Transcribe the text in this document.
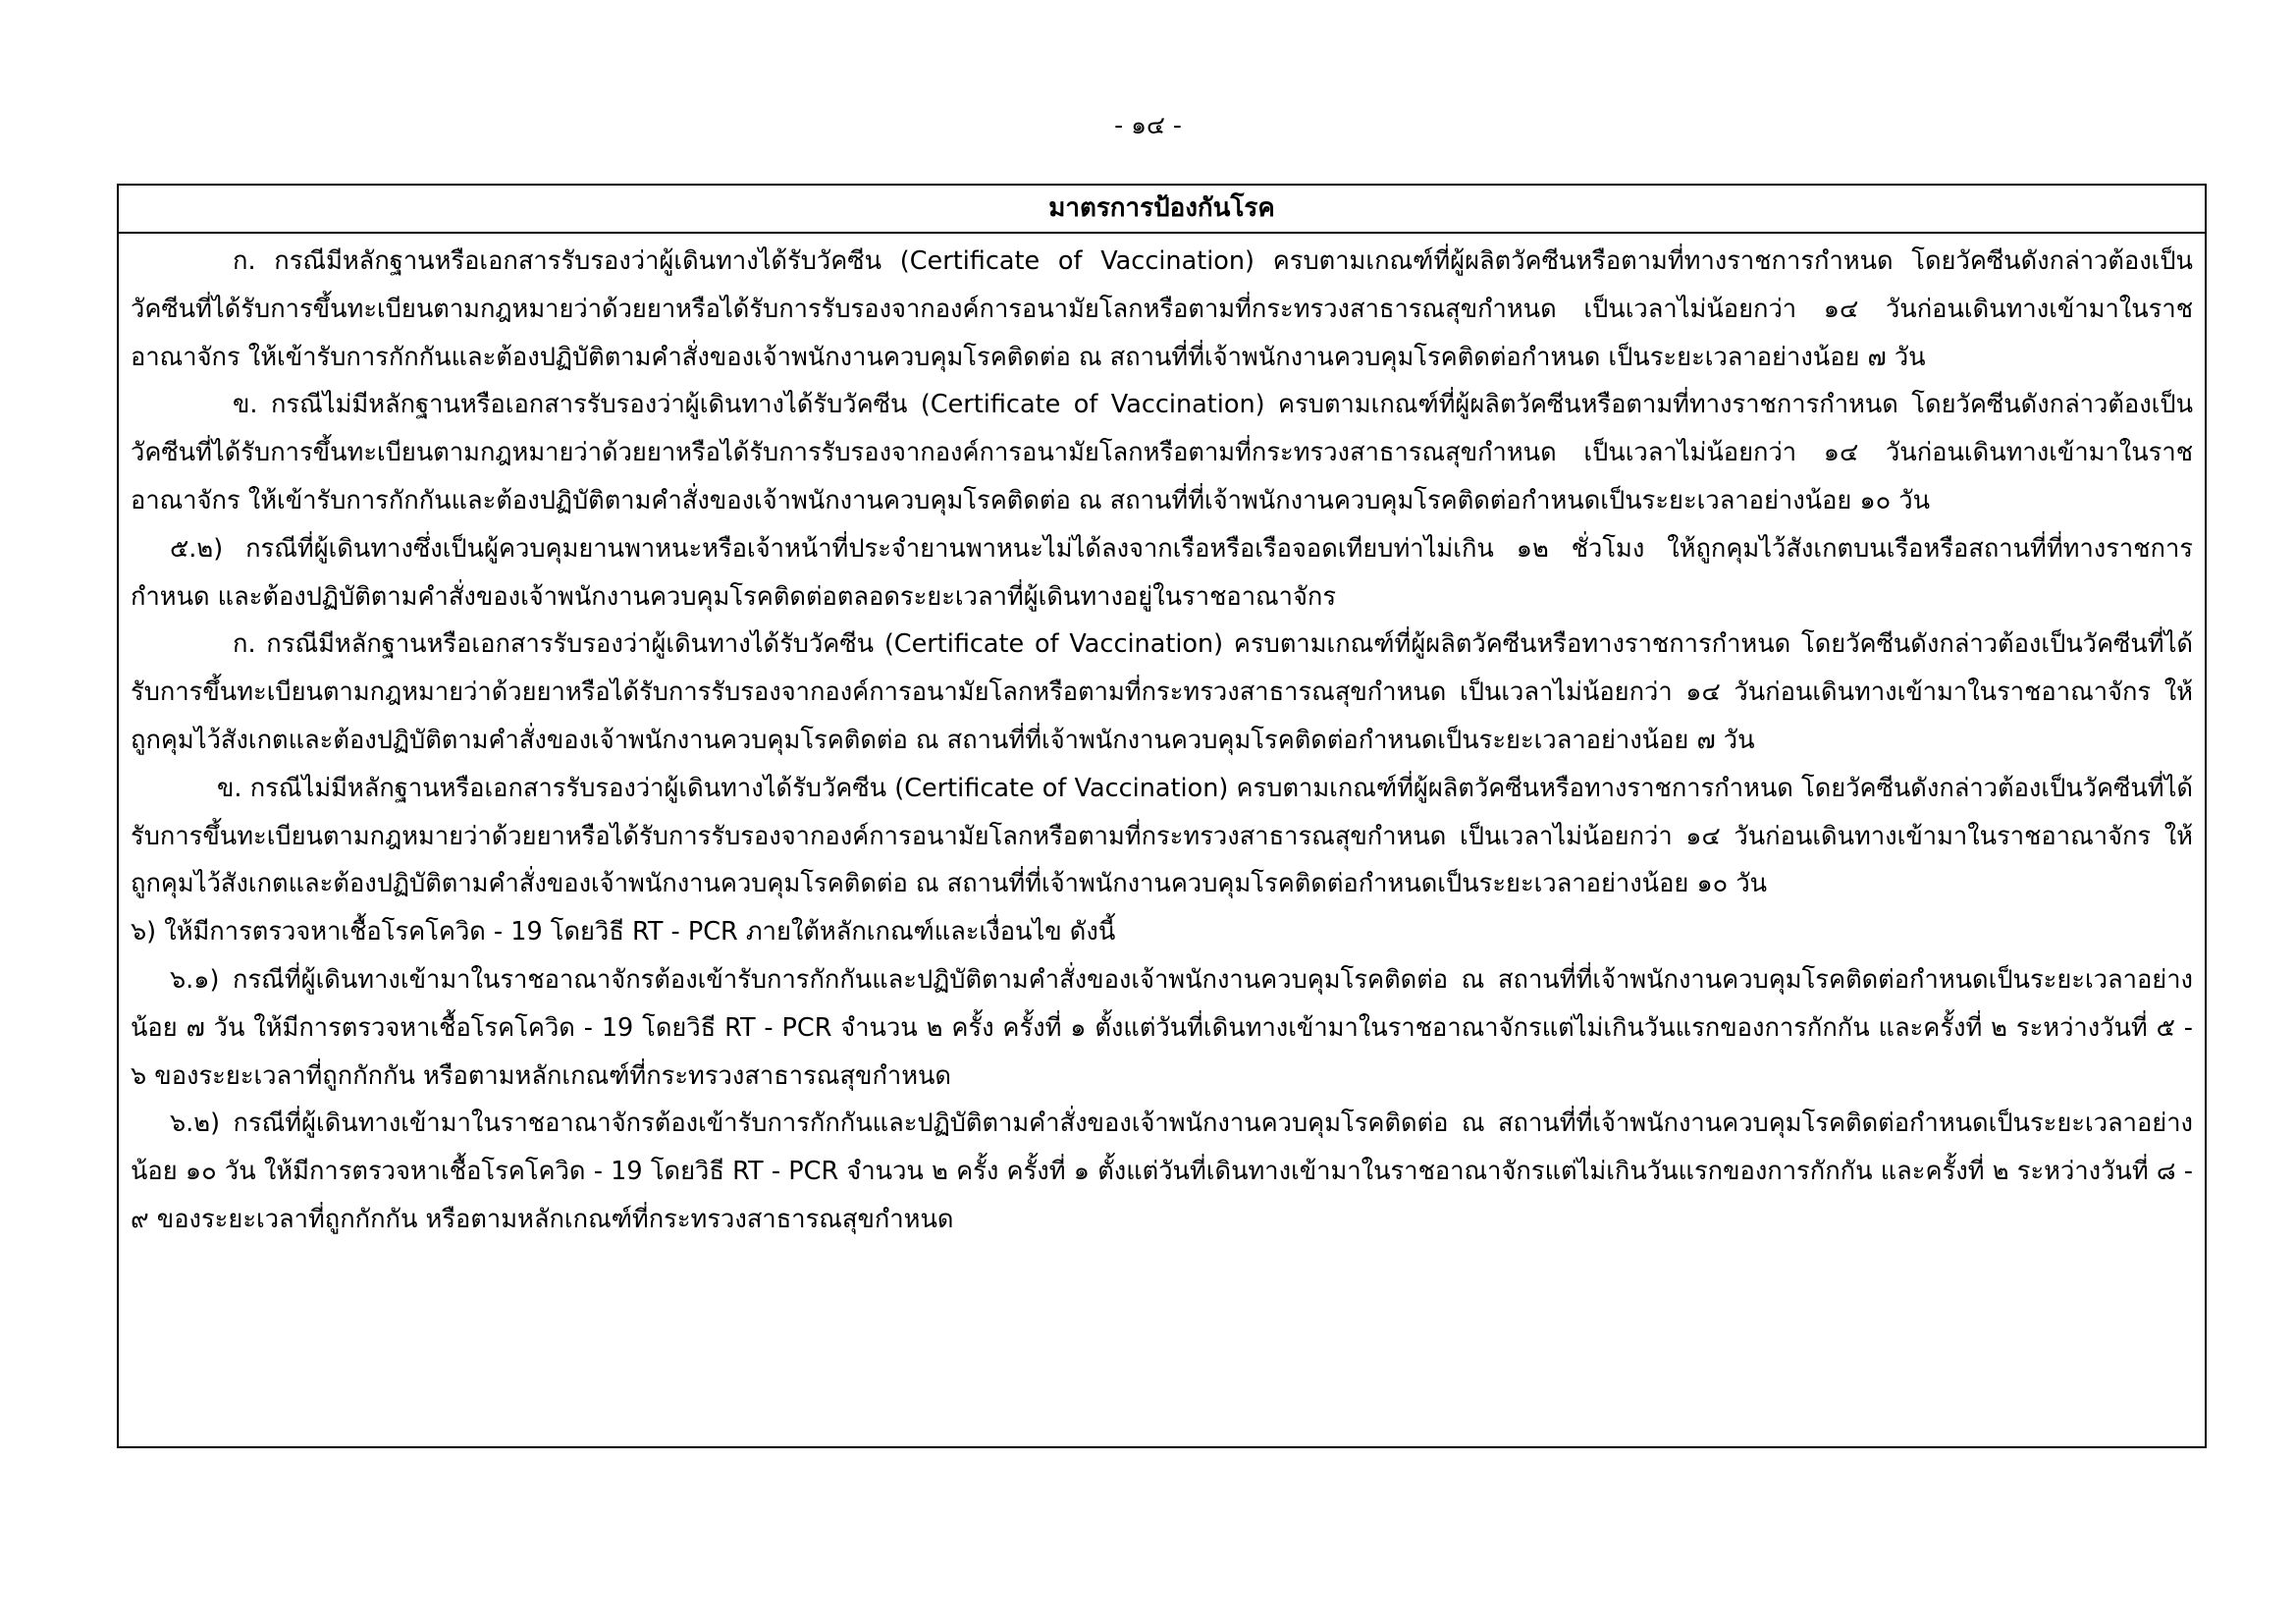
- ๑๔ -
มาตรการป้องกันโรค

ก. กรณีมีหลักฐานหรือเอกสารรับรองว่าผู้เดินทางได้รับวัคซีน (Certificate of Vaccination) ครบตามเกณฑ์ที่ผู้ผลิตวัคซีนหรือตามที่ทางราชการกำหนด โดยวัคซีนดังกล่าวต้องเป็นวัคซีนที่ได้รับการขึ้นทะเบียนตามกฎหมายว่าด้วยยาหรือได้รับการรับรองจากองค์การอนามัยโลกหรือตามที่กระทรวงสาธารณสุขกำหนด เป็นเวลาไม่น้อยกว่า ๑๔ วันก่อนเดินทางเข้ามาในราชอาณาจักร ให้เข้ารับการกักกันและต้องปฏิบัติตามคำสั่งของเจ้าพนักงานควบคุมโรคติดต่อ ณ สถานที่ที่เจ้าพนักงานควบคุมโรคติดต่อกำหนด เป็นระยะเวลาอย่างน้อย ๗ วัน

ข. กรณีไม่มีหลักฐานหรือเอกสารรับรองว่าผู้เดินทางได้รับวัคซีน (Certificate of Vaccination) ครบตามเกณฑ์ที่ผู้ผลิตวัคซีนหรือตามที่ทางราชการกำหนด โดยวัคซีนดังกล่าวต้องเป็นวัคซีนที่ได้รับการขึ้นทะเบียนตามกฎหมายว่าด้วยยาหรือได้รับการรับรองจากองค์การอนามัยโลกหรือตามที่กระทรวงสาธารณสุขกำหนด เป็นเวลาไม่น้อยกว่า ๑๔ วันก่อนเดินทางเข้ามาในราชอาณาจักร ให้เข้ารับการกักกันและต้องปฏิบัติตามคำสั่งของเจ้าพนักงานควบคุมโรคติดต่อ ณ สถานที่ที่เจ้าพนักงานควบคุมโรคติดต่อกำหนดเป็นระยะเวลาอย่างน้อย ๑๐ วัน

๕.๒) กรณีที่ผู้เดินทางซึ่งเป็นผู้ควบคุมยานพาหนะหรือเจ้าหน้าที่ประจำยานพาหนะไม่ได้ลงจากเรือหรือเรือจอดเทียบท่าไม่เกิน ๑๒ ชั่วโมง ให้ถูกคุมไว้สังเกตบนเรือหรือสถานที่ที่ทางราชการกำหนด และต้องปฏิบัติตามคำสั่งของเจ้าพนักงานควบคุมโรคติดต่อตลอดระยะเวลาที่ผู้เดินทางอยู่ในราชอาณาจักร

ก. กรณีมีหลักฐานหรือเอกสารรับรองว่าผู้เดินทางได้รับวัคซีน (Certificate of Vaccination) ครบตามเกณฑ์ที่ผู้ผลิตวัคซีนหรือทางราชการกำหนด โดยวัคซีนดังกล่าวต้องเป็นวัคซีนที่ได้รับการขึ้นทะเบียนตามกฎหมายว่าด้วยยาหรือได้รับการรับรองจากองค์การอนามัยโลกหรือตามที่กระทรวงสาธารณสุขกำหนด เป็นเวลาไม่น้อยกว่า ๑๔ วันก่อนเดินทางเข้ามาในราชอาณาจักร ให้ถูกคุมไว้สังเกตและต้องปฏิบัติตามคำสั่งของเจ้าพนักงานควบคุมโรคติดต่อ ณ สถานที่ที่เจ้าพนักงานควบคุมโรคติดต่อกำหนดเป็นระยะเวลาอย่างน้อย ๗ วัน

ข. กรณีไม่มีหลักฐานหรือเอกสารรับรองว่าผู้เดินทางได้รับวัคซีน (Certificate of Vaccination) ครบตามเกณฑ์ที่ผู้ผลิตวัคซีนหรือทางราชการกำหนด โดยวัคซีนดังกล่าวต้องเป็นวัคซีนที่ได้รับการขึ้นทะเบียนตามกฎหมายว่าด้วยยาหรือได้รับการรับรองจากองค์การอนามัยโลกหรือตามที่กระทรวงสาธารณสุขกำหนด เป็นเวลาไม่น้อยกว่า ๑๔ วันก่อนเดินทางเข้ามาในราชอาณาจักร ให้ถูกคุมไว้สังเกตและต้องปฏิบัติตามคำสั่งของเจ้าพนักงานควบคุมโรคติดต่อ ณ สถานที่ที่เจ้าพนักงานควบคุมโรคติดต่อกำหนดเป็นระยะเวลาอย่างน้อย ๑๐ วัน

๖) ให้มีการตรวจหาเชื้อโรคโควิด - 19 โดยวิธี RT - PCR ภายใต้หลักเกณฑ์และเงื่อนไข ดังนี้

๖.๑) กรณีที่ผู้เดินทางเข้ามาในราชอาณาจักรต้องเข้ารับการกักกันและปฏิบัติตามคำสั่งของเจ้าพนักงานควบคุมโรคติดต่อ ณ สถานที่ที่เจ้าพนักงานควบคุมโรคติดต่อกำหนดเป็นระยะเวลาอย่างน้อย ๗ วัน ให้มีการตรวจหาเชื้อโรคโควิด - 19 โดยวิธี RT - PCR จำนวน ๒ ครั้ง ครั้งที่ ๑ ตั้งแต่วันที่เดินทางเข้ามาในราชอาณาจักรแต่ไม่เกินวันแรกของการกักกัน และครั้งที่ ๒ ระหว่างวันที่ ๕ - ๖ ของระยะเวลาที่ถูกกักกัน หรือตามหลักเกณฑ์ที่กระทรวงสาธารณสุขกำหนด

๖.๒) กรณีที่ผู้เดินทางเข้ามาในราชอาณาจักรต้องเข้ารับการกักกันและปฏิบัติตามคำสั่งของเจ้าพนักงานควบคุมโรคติดต่อ ณ สถานที่ที่เจ้าพนักงานควบคุมโรคติดต่อกำหนดเป็นระยะเวลาอย่างน้อย ๑๐ วัน ให้มีการตรวจหาเชื้อโรคโควิด - 19 โดยวิธี RT - PCR จำนวน ๒ ครั้ง ครั้งที่ ๑ ตั้งแต่วันที่เดินทางเข้ามาในราชอาณาจักรแต่ไม่เกินวันแรกของการกักกัน และครั้งที่ ๒ ระหว่างวันที่ ๘ - ๙ ของระยะเวลาที่ถูกกักกัน หรือตามหลักเกณฑ์ที่กระทรวงสาธารณสุขกำหนด
